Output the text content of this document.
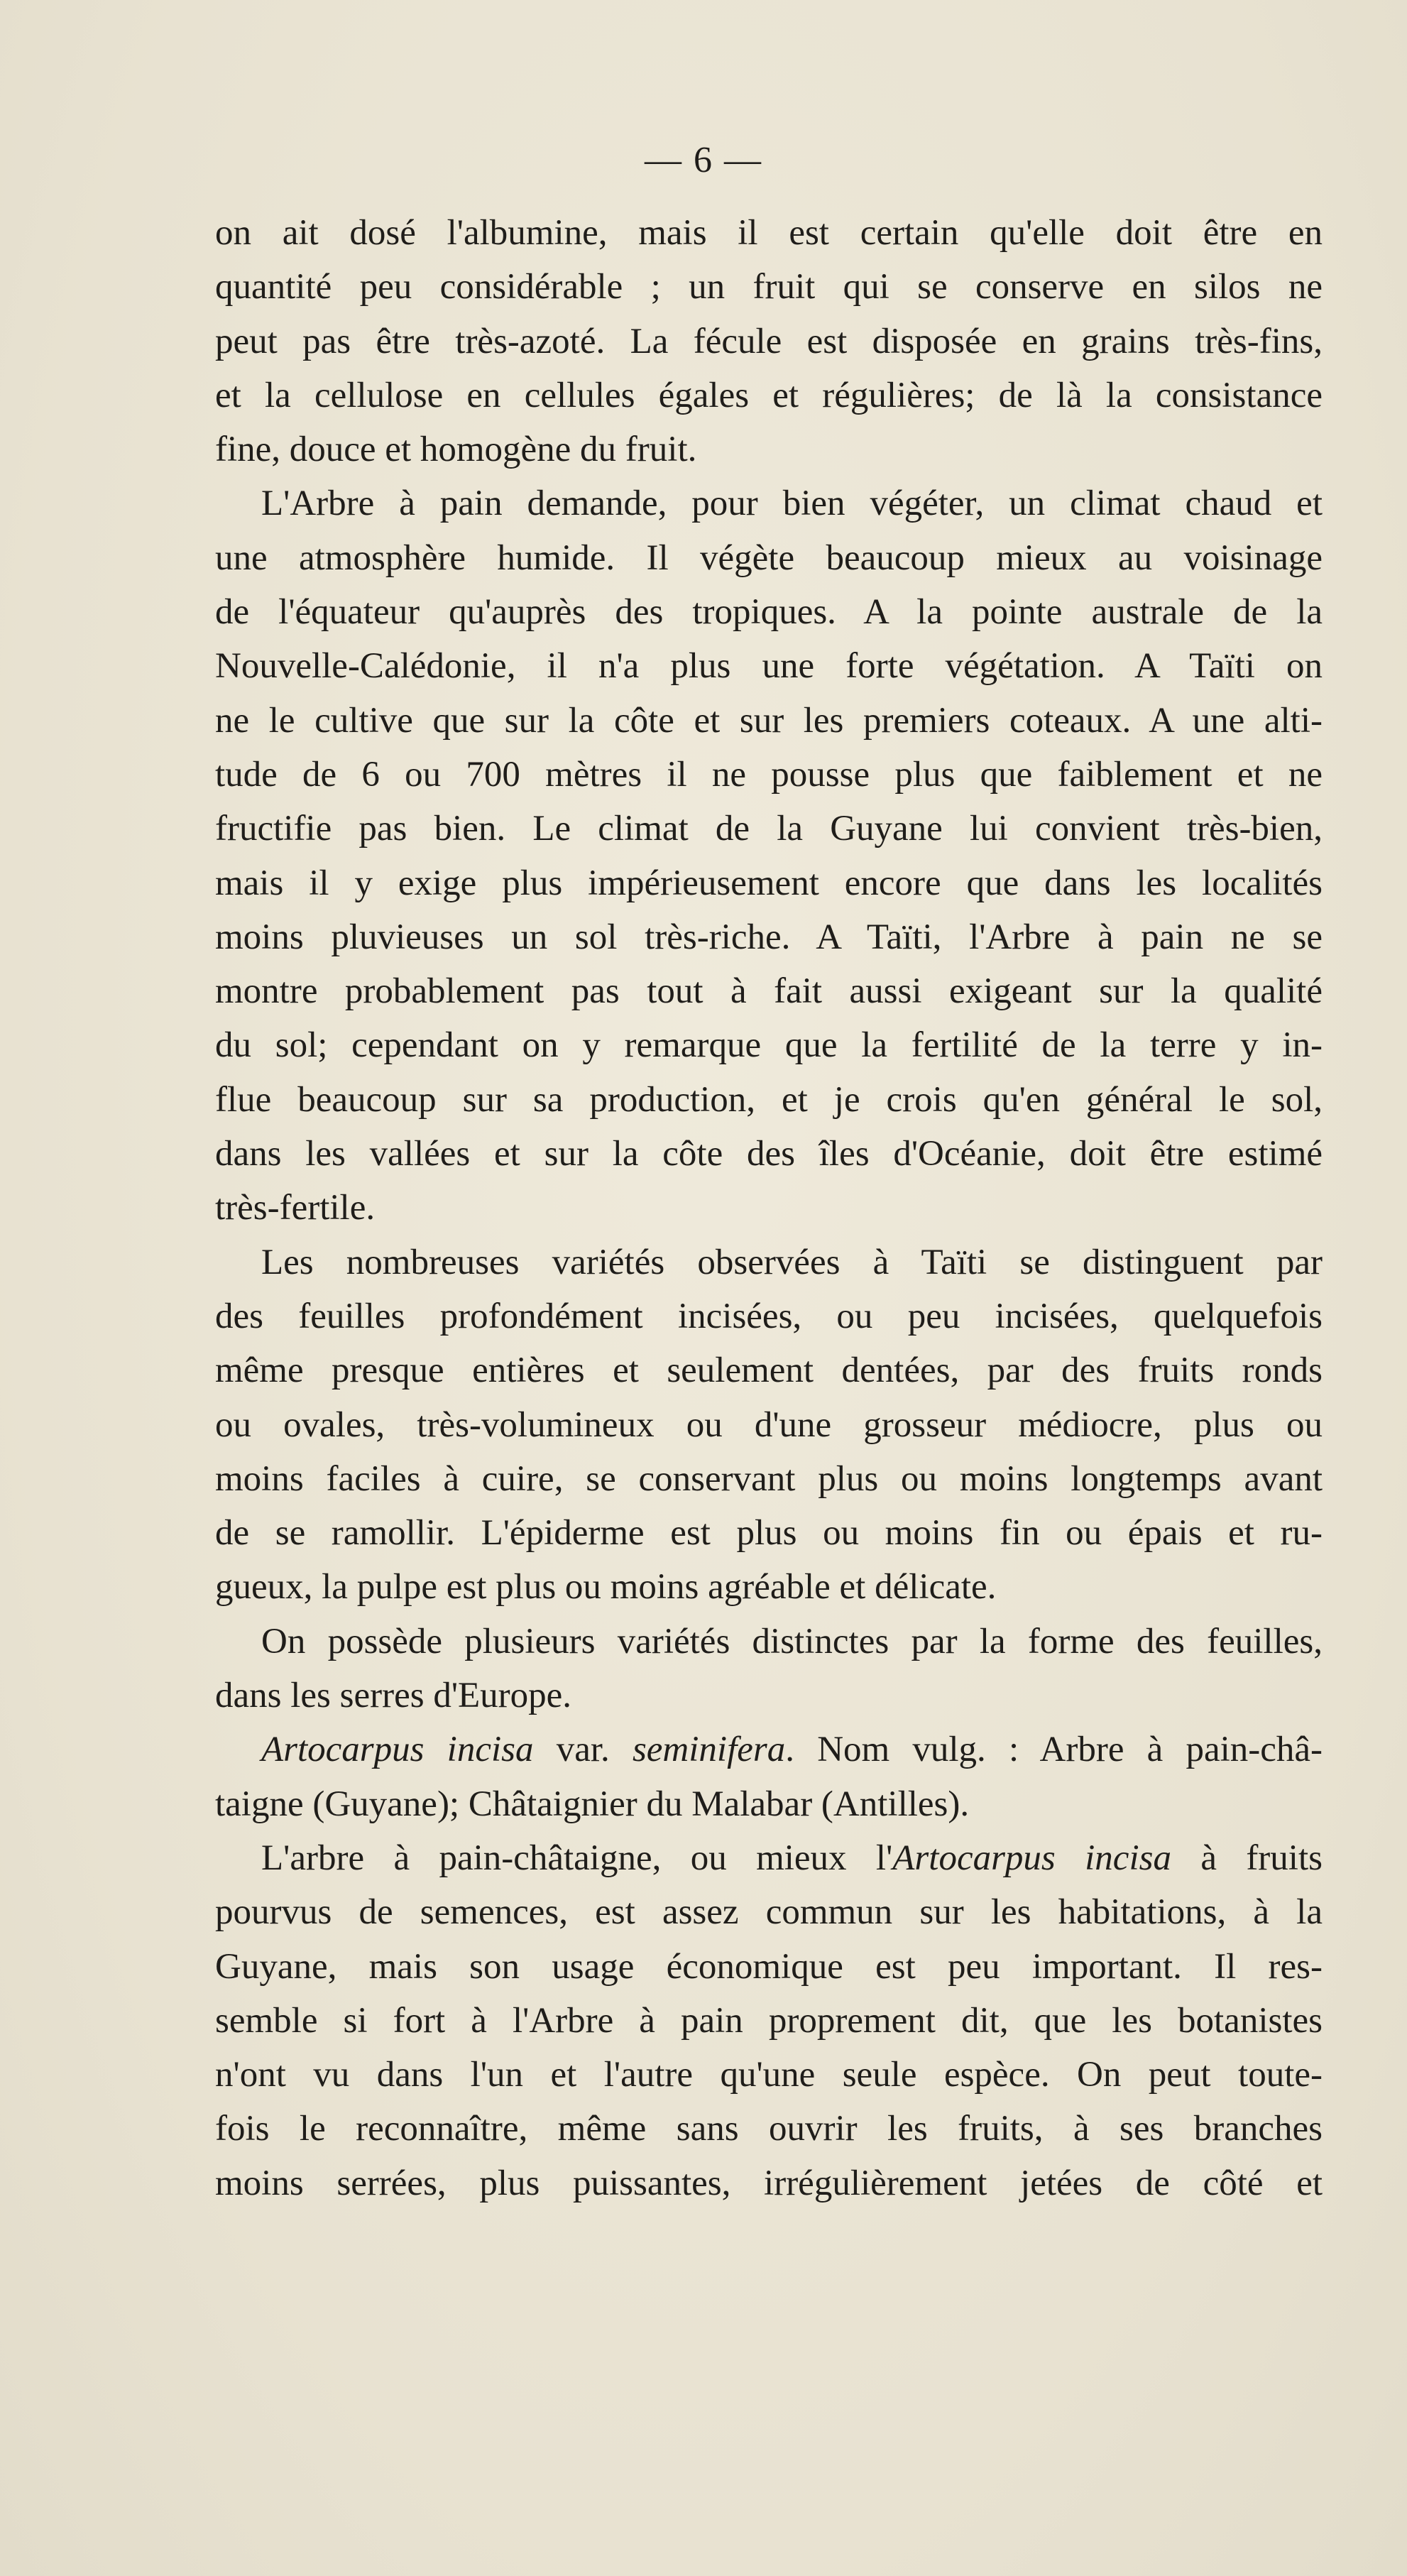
— 6 —
on ait dosé l'albumine, mais il est certain qu'elle doit être en
quantité peu considérable ; un fruit qui se conserve en silos ne
peut pas être très-azoté. La fécule est disposée en grains très-fins,
et la cellulose en cellules égales et régulières; de là la consistance
fine, douce et homogène du fruit.
L'Arbre à pain demande, pour bien végéter, un climat chaud et
une atmosphère humide. Il végète beaucoup mieux au voisinage
de l'équateur qu'auprès des tropiques. A la pointe australe de la
Nouvelle-Calédonie, il n'a plus une forte végétation. A Taïti on
ne le cultive que sur la côte et sur les premiers coteaux. A une alti-
tude de 6 ou 700 mètres il ne pousse plus que faiblement et ne
fructifie pas bien. Le climat de la Guyane lui convient très-bien,
mais il y exige plus impérieusement encore que dans les localités
moins pluvieuses un sol très-riche. A Taïti, l'Arbre à pain ne se
montre probablement pas tout à fait aussi exigeant sur la qualité
du sol; cependant on y remarque que la fertilité de la terre y in-
flue beaucoup sur sa production, et je crois qu'en général le sol,
dans les vallées et sur la côte des îles d'Océanie, doit être estimé
très-fertile.
Les nombreuses variétés observées à Taïti se distinguent par
des feuilles profondément incisées, ou peu incisées, quelquefois
même presque entières et seulement dentées, par des fruits ronds
ou ovales, très-volumineux ou d'une grosseur médiocre, plus ou
moins faciles à cuire, se conservant plus ou moins longtemps avant
de se ramollir. L'épiderme est plus ou moins fin ou épais et ru-
gueux, la pulpe est plus ou moins agréable et délicate.
On possède plusieurs variétés distinctes par la forme des feuilles,
dans les serres d'Europe.
Artocarpus incisa var. seminifera. Nom vulg. : Arbre à pain-châ-
taigne (Guyane); Châtaignier du Malabar (Antilles).
L'arbre à pain-châtaigne, ou mieux l'Artocarpus incisa à fruits
pourvus de semences, est assez commun sur les habitations, à la
Guyane, mais son usage économique est peu important. Il res-
semble si fort à l'Arbre à pain proprement dit, que les botanistes
n'ont vu dans l'un et l'autre qu'une seule espèce. On peut toute-
fois le reconnaître, même sans ouvrir les fruits, à ses branches
moins serrées, plus puissantes, irrégulièrement jetées de côté et
